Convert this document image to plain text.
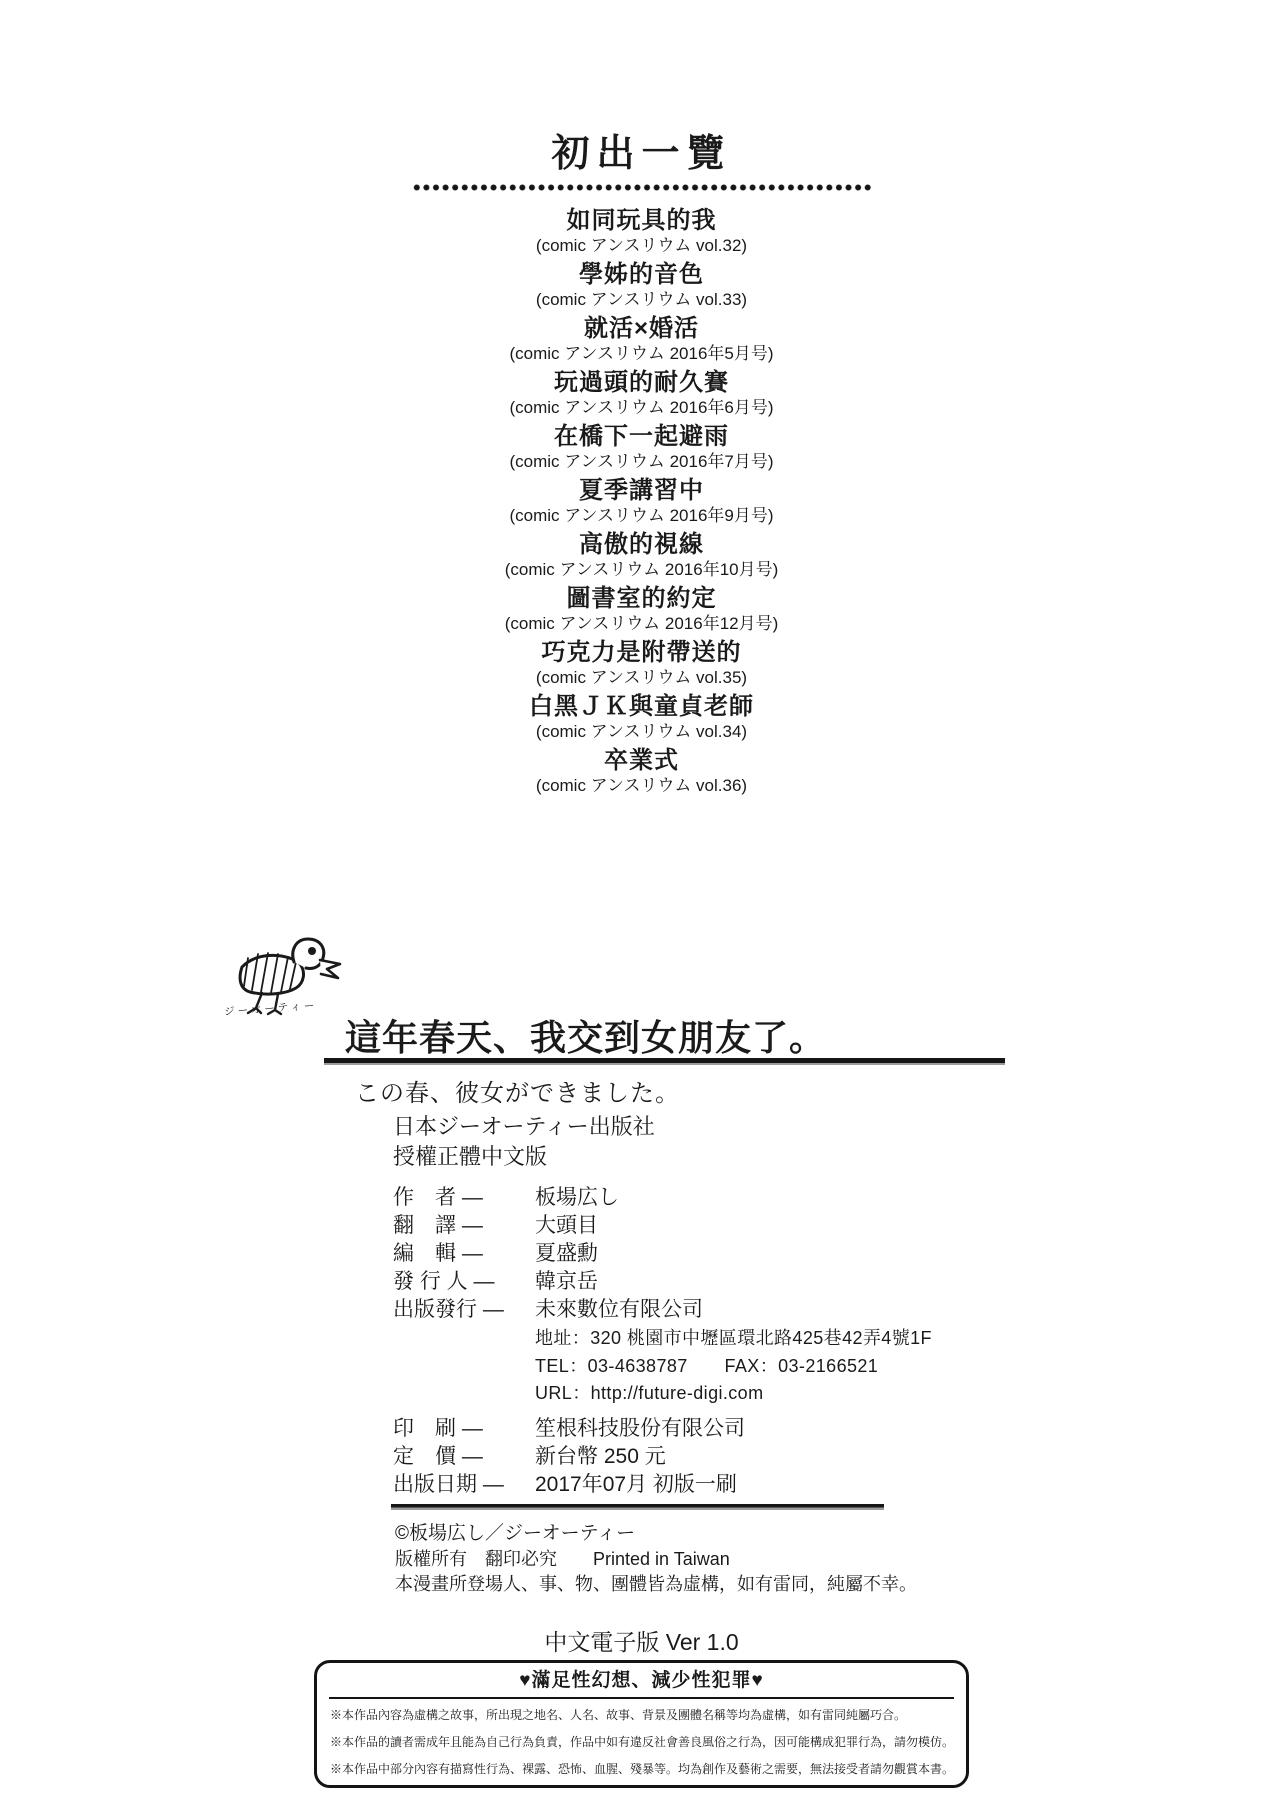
初出一覽
如同玩具的我
(comic アンスリウム vol.32)
學姊的音色
(comic アンスリウム vol.33)
就活×婚活
(comic アンスリウム 2016年5月号)
玩過頭的耐久賽
(comic アンスリウム 2016年6月号)
在橋下一起避雨
(comic アンスリウム 2016年7月号)
夏季講習中
(comic アンスリウム 2016年9月号)
高傲的視線
(comic アンスリウム 2016年10月号)
圖書室的約定
(comic アンスリウム 2016年12月号)
巧克力是附帶送的
(comic アンスリウム vol.35)
白黑ＪＫ與童貞老師
(comic アンスリウム vol.34)
卒業式
(comic アンスリウム vol.36)
ジーオーティー
這年春天、我交到女朋友了。
この春、彼女ができました。
日本ジーオーティー出版社
授權正體中文版
作　者 ―	板場広し
翻　譯 ―	大頭目
編　輯 ―	夏盛勳
發 行 人 ―	韓京岳
出版發行 ―	未來數位有限公司
地址：320 桃園市中壢區環北路425巷42弄4號1F
TEL：03-4638787　　FAX：03-2166521
URL：http://future-digi.com
印　刷 ―	笙根科技股份有限公司
定　價 ―	新台幣 250 元
出版日期 ―	2017年07月 初版一刷
©板場広し／ジーオーティー
版權所有　翻印必究　　Printed in Taiwan
本漫畫所登場人、事、物、團體皆為虛構，如有雷同，純屬不幸。
中文電子版 Ver 1.0
♥滿足性幻想、減少性犯罪♥
※本作品內容為虛構之故事，所出現之地名、人名、故事、背景及團體名稱等均為虛構，如有雷同純屬巧合。
※本作品的讀者需成年且能為自己行為負責，作品中如有違反社會善良風俗之行為，因可能構成犯罪行為，請勿模仿。
※本作品中部分內容有描寫性行為、裸露、恐怖、血腥、殘暴等。均為創作及藝術之需要，無法接受者請勿觀賞本書。
